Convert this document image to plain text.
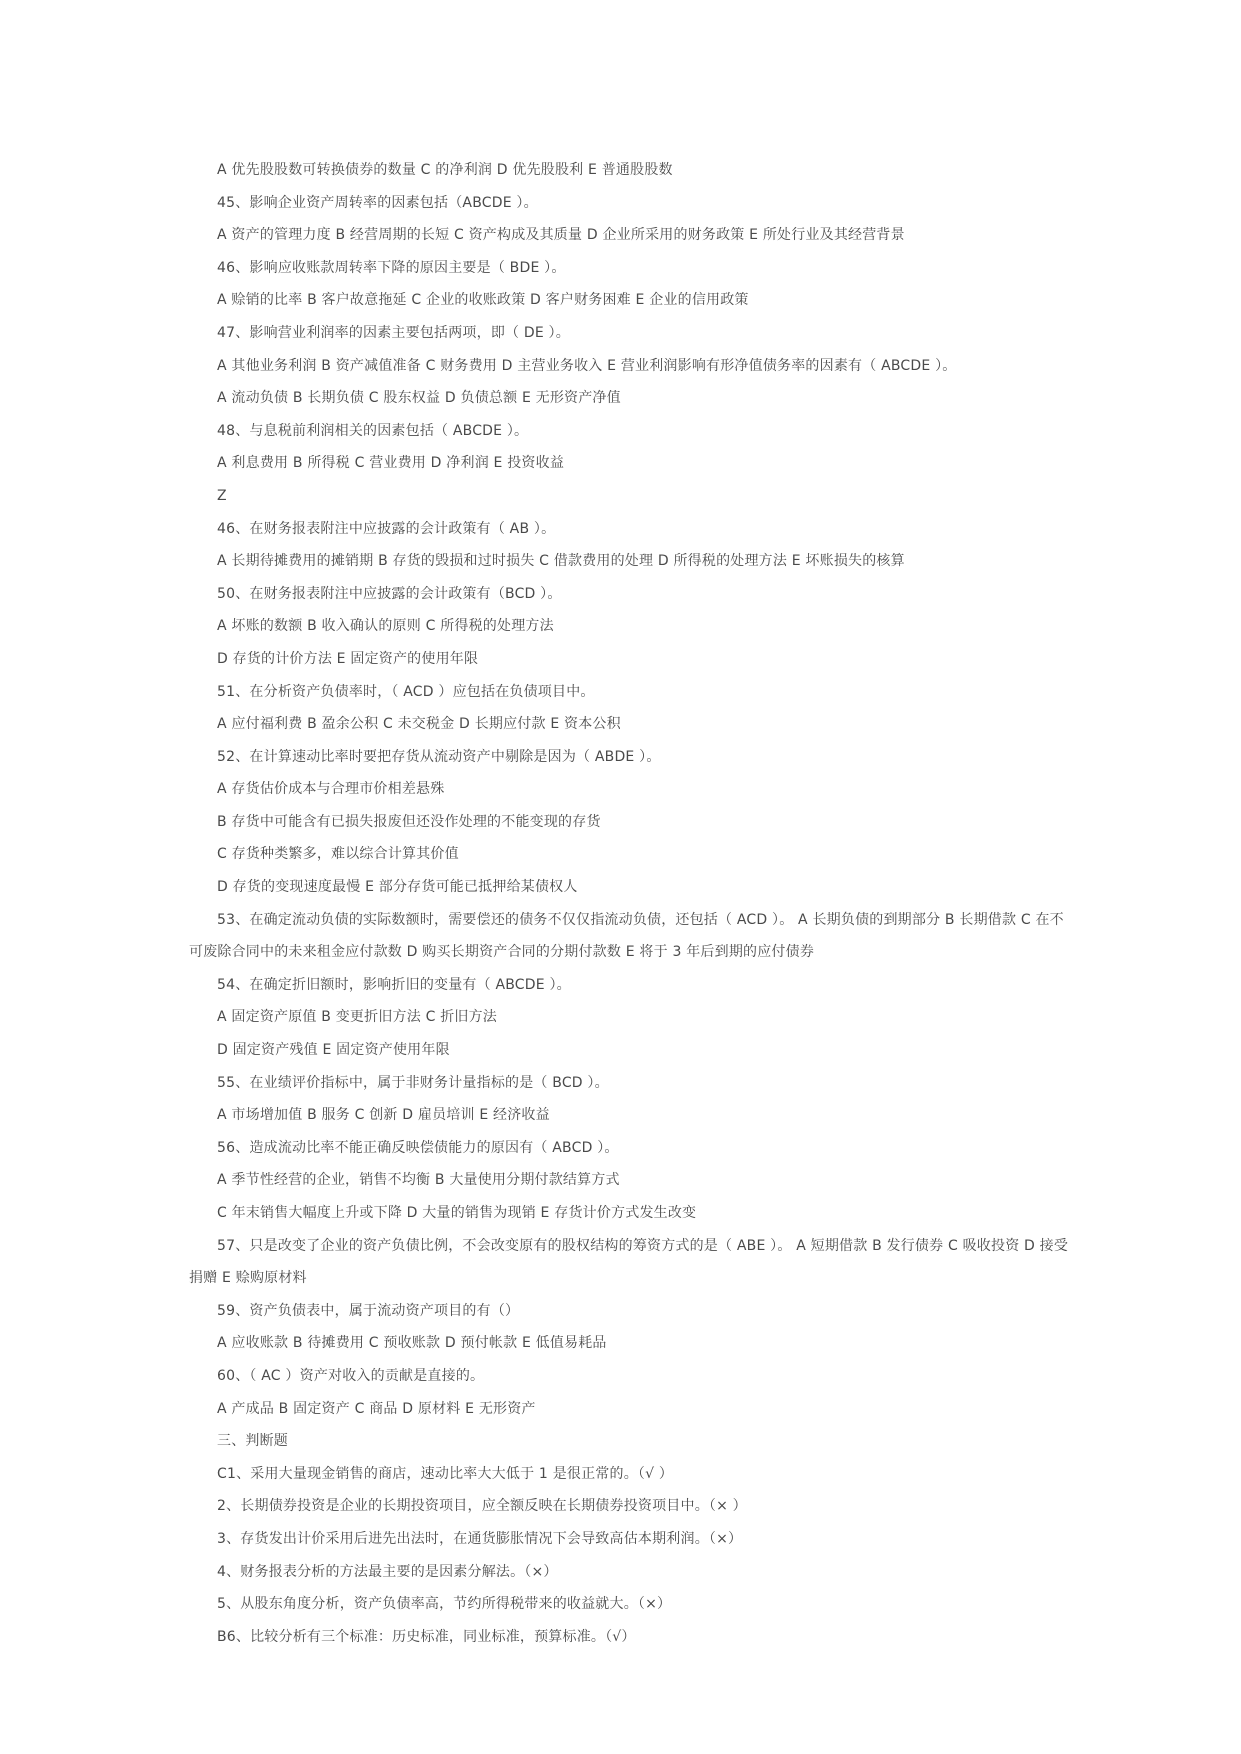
A 优先股股数可转换债券的数量 C 的净利润 D 优先股股利 E 普通股股数
45、影响企业资产周转率的因素包括（ABCDE ）。
A 资产的管理力度 B 经营周期的长短 C 资产构成及其质量 D 企业所采用的财务政策 E 所处行业及其经营背景
46、影响应收账款周转率下降的原因主要是（ BDE ）。
A 赊销的比率 B 客户故意拖延 C 企业的收账政策 D 客户财务困难 E 企业的信用政策
47、影响营业利润率的因素主要包括两项，即（ DE ）。
A 其他业务利润 B 资产减值准备 C 财务费用 D 主营业务收入 E 营业利润影响有形净值债务率的因素有（ ABCDE ）。
A 流动负债 B 长期负债 C 股东权益 D 负债总额 E 无形资产净值
48、与息税前利润相关的因素包括（ ABCDE ）。
A 利息费用 B 所得税 C 营业费用 D 净利润 E 投资收益
Z
46、在财务报表附注中应披露的会计政策有（ AB ）。
A 长期待摊费用的摊销期 B 存货的毁损和过时损失 C 借款费用的处理 D 所得税的处理方法 E 坏账损失的核算
50、在财务报表附注中应披露的会计政策有（BCD ）。
A 坏账的数额 B 收入确认的原则 C 所得税的处理方法
D 存货的计价方法 E 固定资产的使用年限
51、在分析资产负债率时，（ ACD ）应包括在负债项目中。
A 应付福利费 B 盈余公积 C 未交税金 D 长期应付款 E 资本公积
52、在计算速动比率时要把存货从流动资产中剔除是因为（ ABDE ）。
A 存货估价成本与合理市价相差悬殊
B 存货中可能含有已损失报废但还没作处理的不能变现的存货
C 存货种类繁多，难以综合计算其价值
D 存货的变现速度最慢 E 部分存货可能已抵押给某债权人
53、在确定流动负债的实际数额时，需要偿还的债务不仅仅指流动负债，还包括（ ACD ）。 A 长期负债的到期部分 B 长期借款 C 在不可废除合同中的未来租金应付款数 D 购买长期资产合同的分期付款数 E 将于 3 年后到期的应付债券
54、在确定折旧额时，影响折旧的变量有（ ABCDE ）。
A 固定资产原值 B 变更折旧方法 C 折旧方法
D 固定资产残值 E 固定资产使用年限
55、在业绩评价指标中，属于非财务计量指标的是（ BCD ）。
A 市场增加值 B 服务 C 创新 D 雇员培训 E 经济收益
56、造成流动比率不能正确反映偿债能力的原因有（ ABCD ）。
A 季节性经营的企业，销售不均衡 B 大量使用分期付款结算方式
C 年末销售大幅度上升或下降 D 大量的销售为现销 E 存货计价方式发生改变
57、只是改变了企业的资产负债比例，不会改变原有的股权结构的筹资方式的是（ ABE ）。 A 短期借款 B 发行债券 C 吸收投资 D 接受捐赠 E 赊购原材料
59、资产负债表中，属于流动资产项目的有（）
A 应收账款 B 待摊费用 C 预收账款 D 预付帐款 E 低值易耗品
60、（ AC ）资产对收入的贡献是直接的。
A 产成品 B 固定资产 C 商品 D 原材料 E 无形资产
三、判断题
C1、采用大量现金销售的商店，速动比率大大低于 1 是很正常的。（√ ）
2、长期债券投资是企业的长期投资项目，应全额反映在长期债券投资项目中。（× ）
3、存货发出计价采用后进先出法时，在通货膨胀情况下会导致高估本期利润。（×）
4、财务报表分析的方法最主要的是因素分解法。（×）
5、从股东角度分析，资产负债率高，节约所得税带来的收益就大。（×）
B6、比较分析有三个标准：历史标准，同业标准，预算标准。（√）
